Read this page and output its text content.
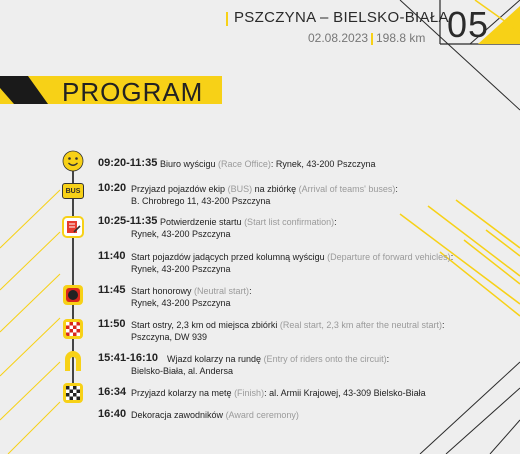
PSZCZYNA – BIELSKO-BIAŁA
02.08.2023 198.8 km 05
PROGRAM
BUS
09:20-11:35 Biuro wyścigu (Race Office): Rynek, 43-200 Pszczyna
10:20 Przyjazd pojazdów ekip (BUS) na zbiórkę (Arrival of teams' buses):
B. Chrobrego 11, 43-200 Pszczyna
10:25-11:35 Potwierdzenie startu (Start list confirmation):
Rynek, 43-200 Pszczyna
11:40 Start pojazdów jadących przed kolumną wyścigu (Departure of forward vehicles):
Rynek, 43-200 Pszczyna
11:45 Start honorowy (Neutral start):
Rynek, 43-200 Pszczyna
11:50 Start ostry, 2,3 km od miejsca zbiórki (Real start, 2,3 km after the neutral start):
Pszczyna, DW 939
15:41-16:10 Wjazd kolarzy na rundę (Entry of riders onto the circuit):
Bielsko-Biała, al. Andersa
16:34 Przyjazd kolarzy na metę (Finish): al. Armii Krajowej, 43-309 Bielsko-Biała
16:40 Dekoracja zawodników (Award ceremony)
